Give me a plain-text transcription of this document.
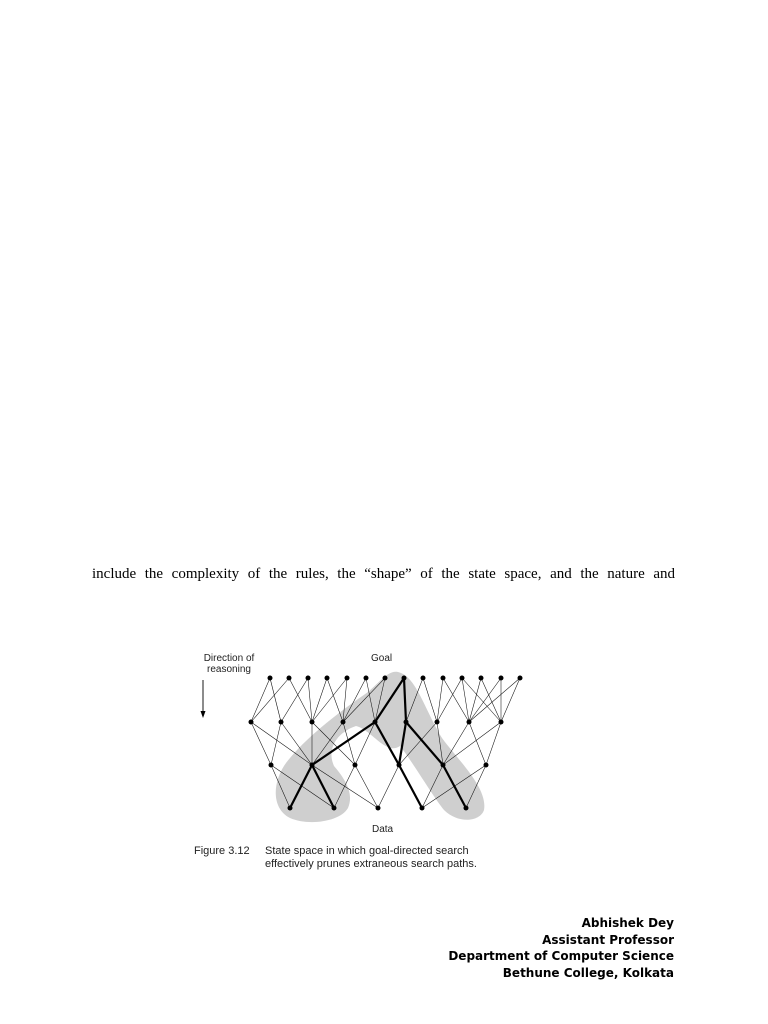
include the complexity of the rules, the “shape” of the state space, and the nature and
Direction of
reasoning
Goal
Data
Figure 3.12 State space in which goal-directed search
effectively prunes extraneous search paths.
Abhishek Dey
Assistant Professor
Department of Computer Science
Bethune College, Kolkata
